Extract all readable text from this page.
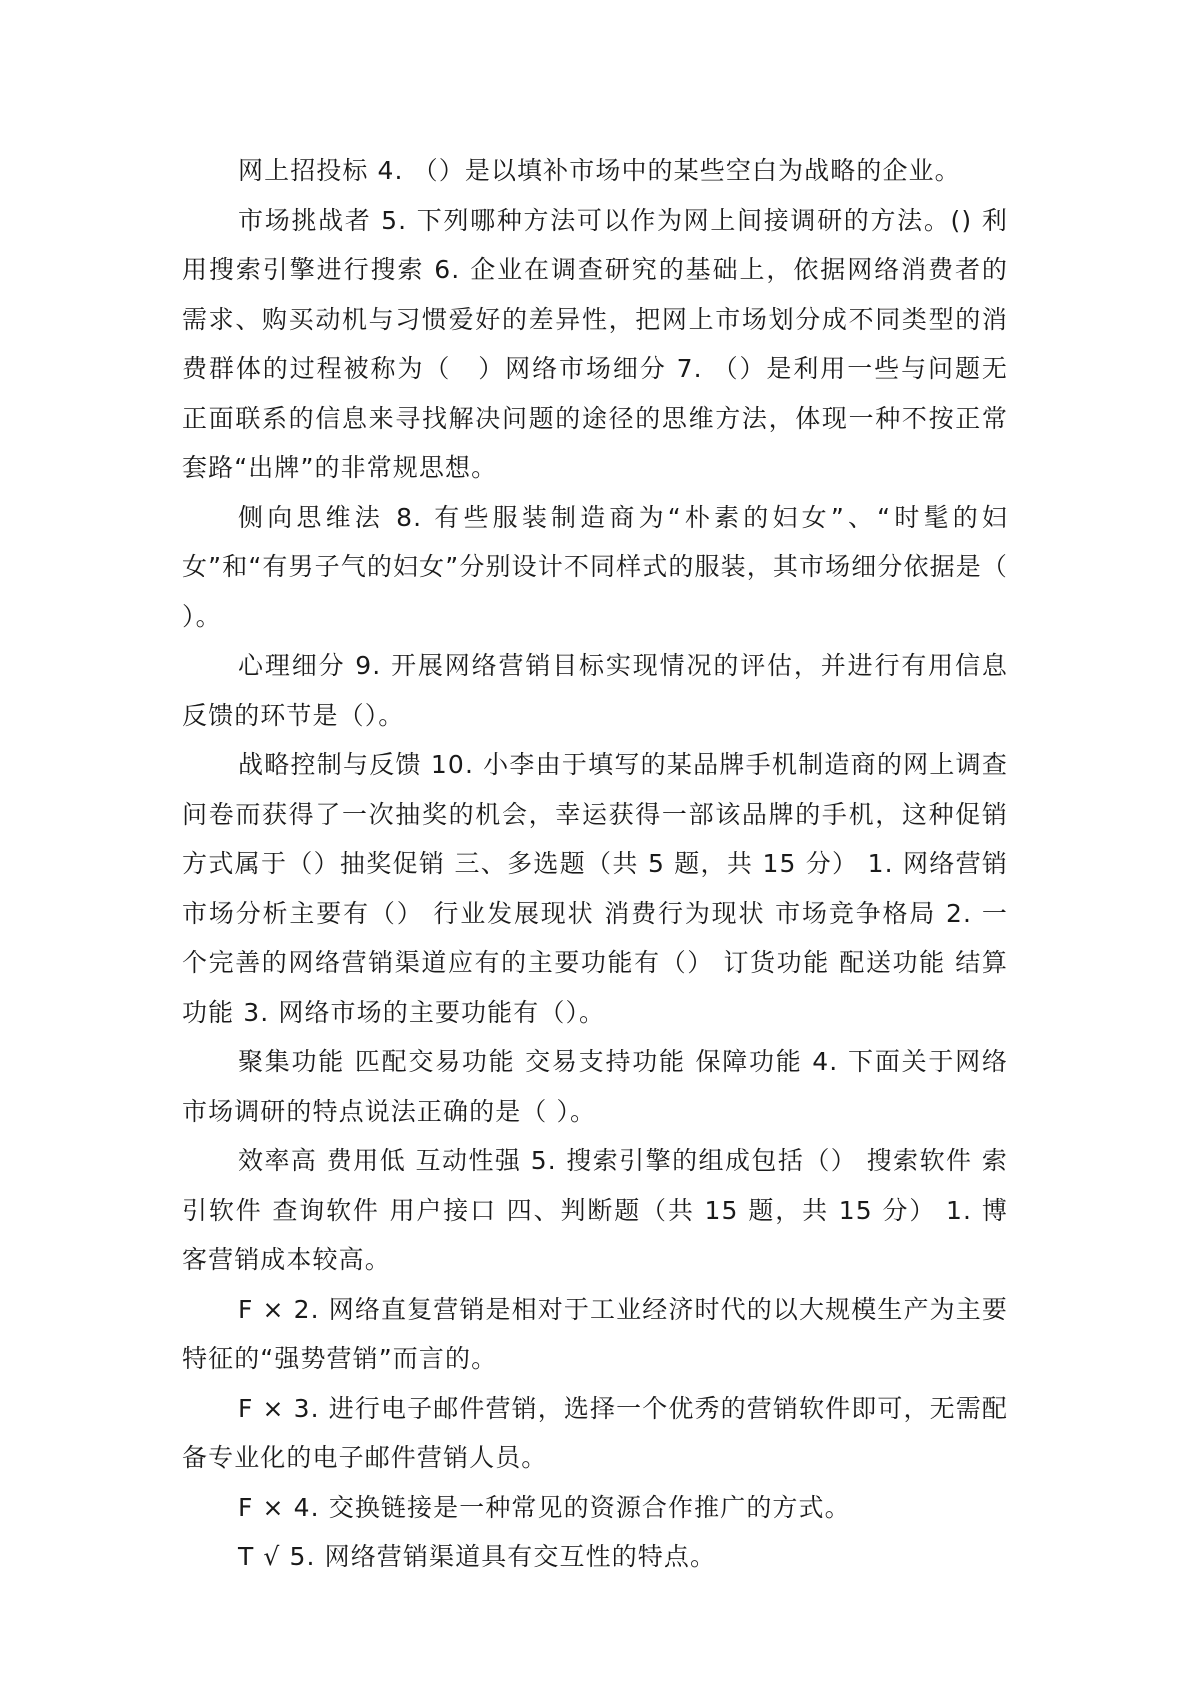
网上招投标 4. （）是以填补市场中的某些空白为战略的企业。

市场挑战者 5. 下列哪种方法可以作为网上间接调研的方法。() 利用搜索引擎进行搜索 6. 企业在调查研究的基础上，依据网络消费者的需求、购买动机与习惯爱好的差异性，把网上市场划分成不同类型的消费群体的过程被称为（　）网络市场细分 7. （）是利用一些与问题无正面联系的信息来寻找解决问题的途径的思维方法，体现一种不按正常套路“出牌”的非常规思想。

侧向思维法 8. 有些服装制造商为“朴素的妇女”、“时髦的妇女”和“有男子气的妇女”分别设计不同样式的服装，其市场细分依据是（　　）。

心理细分 9. 开展网络营销目标实现情况的评估，并进行有用信息反馈的环节是（）。

战略控制与反馈 10. 小李由于填写的某品牌手机制造商的网上调查问卷而获得了一次抽奖的机会，幸运获得一部该品牌的手机，这种促销方式属于（）抽奖促销 三、多选题（共 5 题，共 15 分） 1. 网络营销市场分析主要有（） 行业发展现状 消费行为现状 市场竞争格局 2. 一个完善的网络营销渠道应有的主要功能有（） 订货功能 配送功能 结算功能 3. 网络市场的主要功能有（）。

聚集功能 匹配交易功能 交易支持功能 保障功能 4. 下面关于网络市场调研的特点说法正确的是（ ）。

效率高 费用低 互动性强 5. 搜索引擎的组成包括（） 搜索软件 索引软件 查询软件 用户接口 四、判断题（共 15 题，共 15 分） 1. 博客营销成本较高。

F × 2. 网络直复营销是相对于工业经济时代的以大规模生产为主要特征的“强势营销”而言的。

F × 3. 进行电子邮件营销，选择一个优秀的营销软件即可，无需配备专业化的电子邮件营销人员。

F × 4. 交换链接是一种常见的资源合作推广的方式。

T √ 5. 网络营销渠道具有交互性的特点。
